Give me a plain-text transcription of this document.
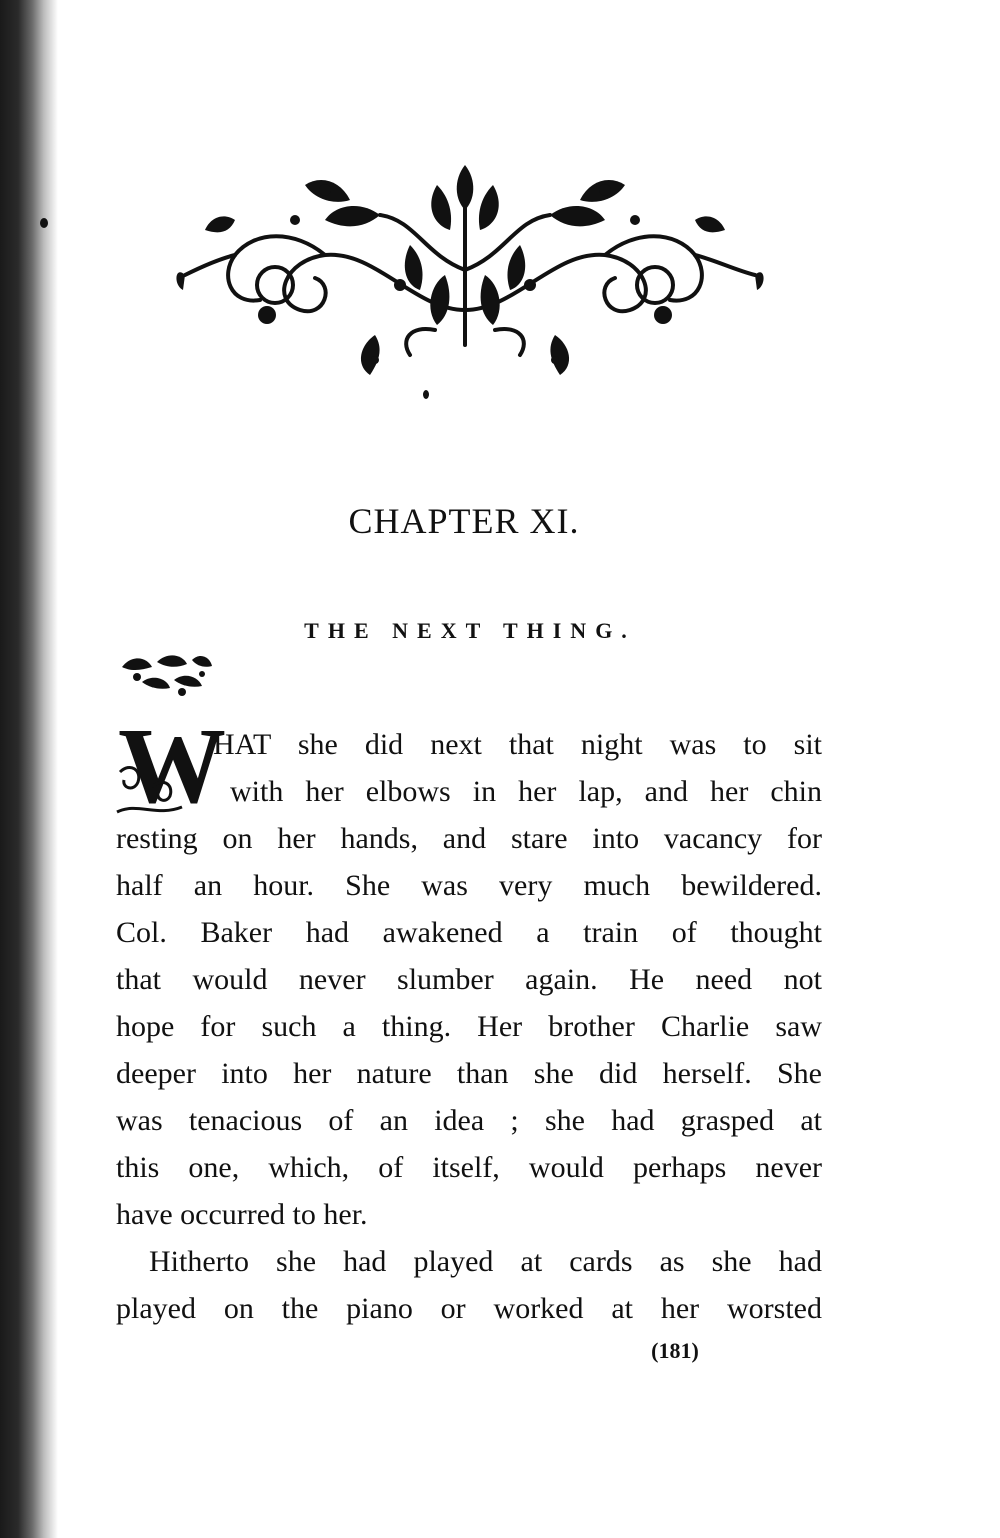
CHAPTER XI.
THE NEXT THING.
W
HAT she did next that night was to sit
with her elbows in her lap, and her chin
resting on her hands, and stare into vacancy for
half an hour. She was very much bewildered.
Col. Baker had awakened a train of thought
that would never slumber again. He need not
hope for such a thing. Her brother Charlie saw
deeper into her nature than she did herself. She
was tenacious of an idea ; she had grasped at
this one, which, of itself, would perhaps never
have occurred to her.
Hitherto she had played at cards as she had
played on the piano or worked at her worsted
(181)
